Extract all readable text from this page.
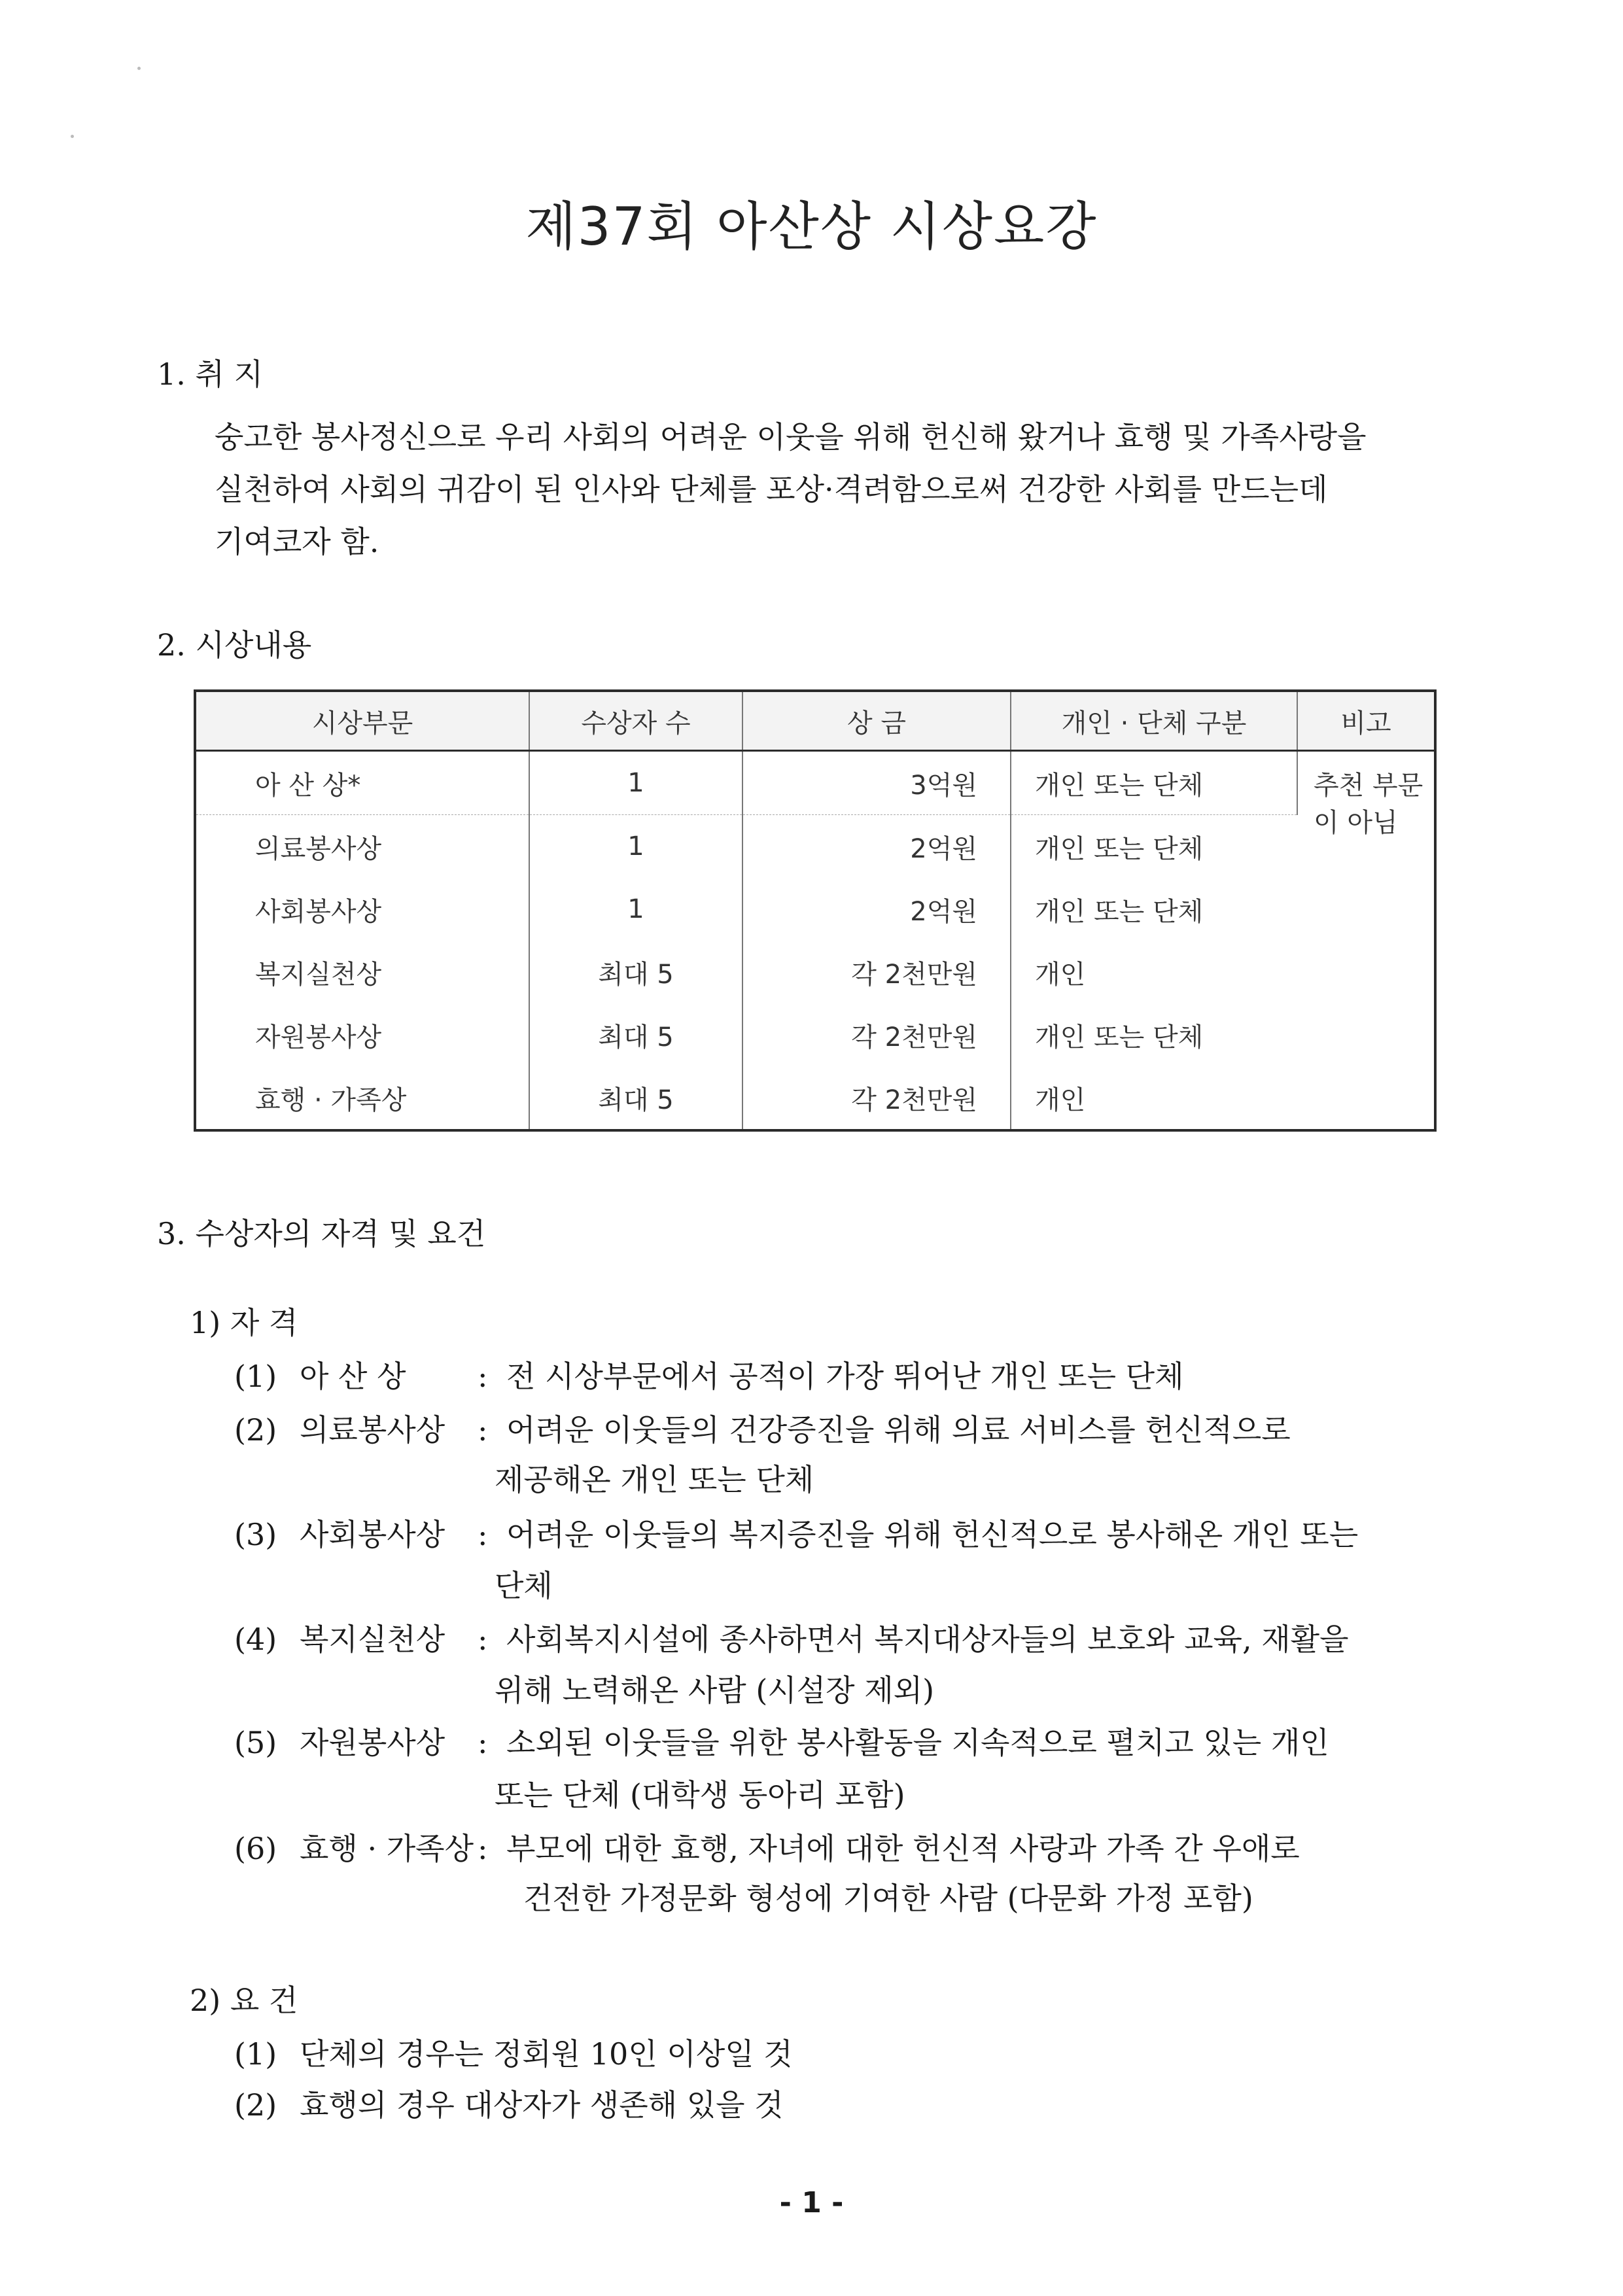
제37회 아산상 시상요강
1. 취 지
숭고한 봉사정신으로 우리 사회의 어려운 이웃을 위해 헌신해 왔거나 효행 및 가족사랑을
실천하여 사회의 귀감이 된 인사와 단체를 포상·격려함으로써 건강한 사회를 만드는데
기여코자 함.
2. 시상내용
시상부문	수상자 수	상 금	개인 · 단체 구분	비고
아 산 상*	1	3억원	개인 또는 단체	추천 부문이 아님
의료봉사상	1	2억원	개인 또는 단체	
사회봉사상	1	2억원	개인 또는 단체	
복지실천상	최대 5	각 2천만원	개인	
자원봉사상	최대 5	각 2천만원	개인 또는 단체	
효행 · 가족상	최대 5	각 2천만원	개인	
3. 수상자의 자격 및 요건
1) 자 격
(1) 아 산 상 : 전 시상부문에서 공적이 가장 뛰어난 개인 또는 단체
(2) 의료봉사상 : 어려운 이웃들의 건강증진을 위해 의료 서비스를 헌신적으로
제공해온 개인 또는 단체
(3) 사회봉사상 : 어려운 이웃들의 복지증진을 위해 헌신적으로 봉사해온 개인 또는
단체
(4) 복지실천상 : 사회복지시설에 종사하면서 복지대상자들의 보호와 교육, 재활을
위해 노력해온 사람 (시설장 제외)
(5) 자원봉사상 : 소외된 이웃들을 위한 봉사활동을 지속적으로 펼치고 있는 개인
또는 단체 (대학생 동아리 포함)
(6) 효행 · 가족상 : 부모에 대한 효행, 자녀에 대한 헌신적 사랑과 가족 간 우애로
건전한 가정문화 형성에 기여한 사람 (다문화 가정 포함)
2) 요 건
(1) 단체의 경우는 정회원 10인 이상일 것
(2) 효행의 경우 대상자가 생존해 있을 것
- 1 -
